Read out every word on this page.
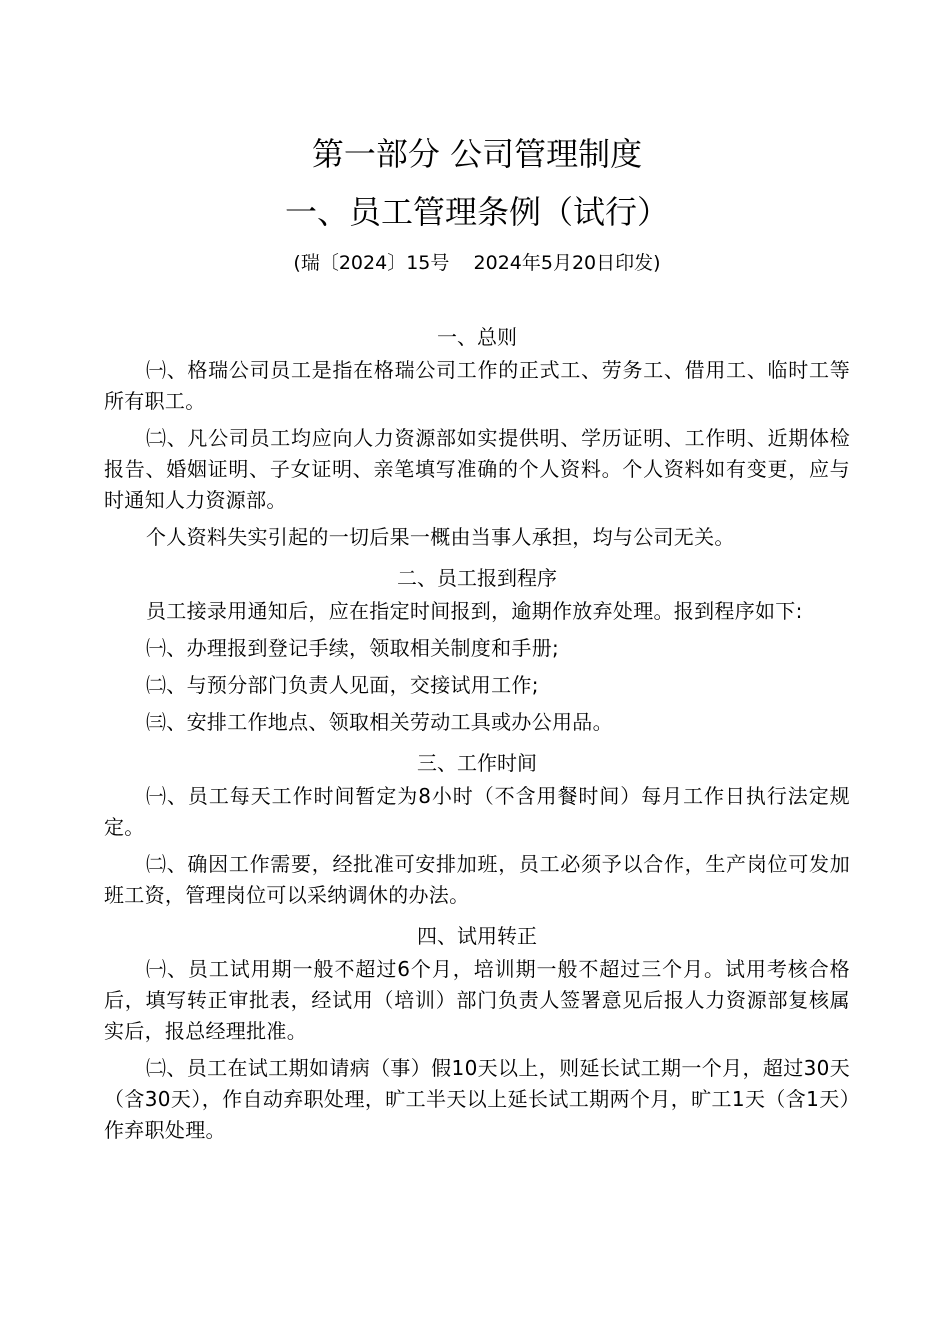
第一部分 公司管理制度
一、员工管理条例（试行）
(瑞〔2024〕15号    2024年5月20日印发)
一、总则

㈠、格瑞公司员工是指在格瑞公司工作的正式工、劳务工、借用工、临时工等所有职工。

㈡、凡公司员工均应向人力资源部如实提供明、学历证明、工作明、近期体检报告、婚姻证明、子女证明、亲笔填写准确的个人资料。个人资料如有变更，应与时通知人力资源部。

个人资料失实引起的一切后果一概由当事人承担，均与公司无关。

二、员工报到程序

员工接录用通知后，应在指定时间报到，逾期作放弃处理。报到程序如下:

㈠、办理报到登记手续，领取相关制度和手册;

㈡、与预分部门负责人见面，交接试用工作;

㈢、安排工作地点、领取相关劳动工具或办公用品。

三、工作时间

㈠、员工每天工作时间暂定为8小时（不含用餐时间）每月工作日执行法定规定。

㈡、确因工作需要，经批准可安排加班，员工必须予以合作，生产岗位可发加班工资，管理岗位可以采纳调休的办法。

四、试用转正

㈠、员工试用期一般不超过6个月，培训期一般不超过三个月。试用考核合格后，填写转正审批表，经试用（培训）部门负责人签署意见后报人力资源部复核属实后，报总经理批准。

㈡、员工在试工期如请病（事）假10天以上，则延长试工期一个月，超过30天（含30天），作自动弃职处理，旷工半天以上延长试工期两个月，旷工1天（含1天）作弃职处理。
